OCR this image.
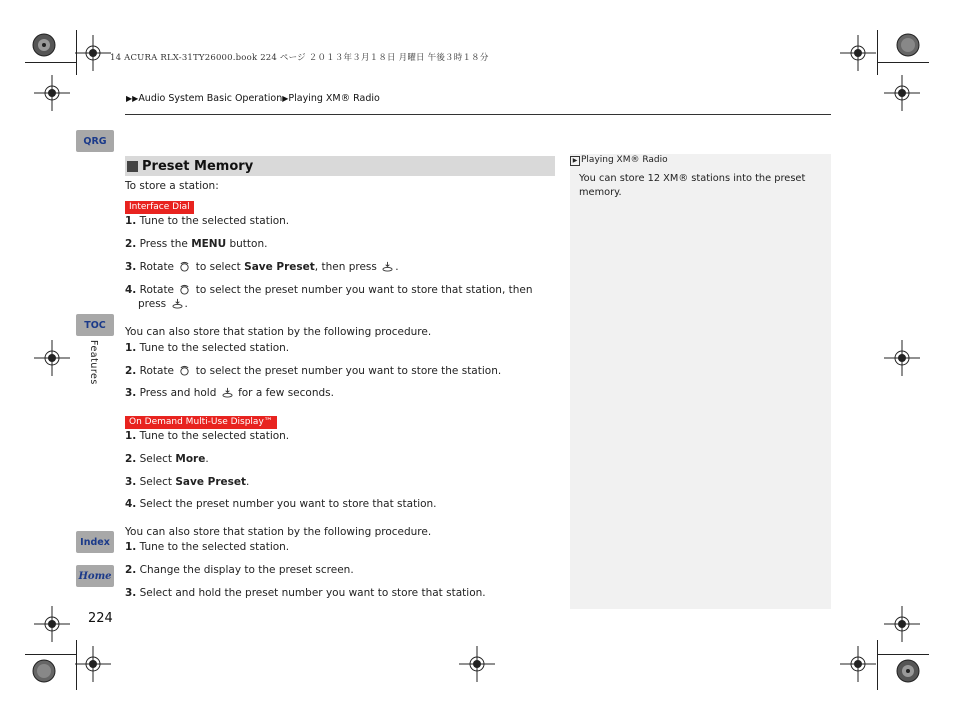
14 ACURA RLX-31TY26000.book 224 ページ ２０１３年３月１８日 月曜日 午後３時１８分
▶▶Audio System Basic Operation▶Playing XM® Radio
QRG
TOC
Features
Index
Home
224
Preset Memory
To store a station:
Interface Dial
1. Tune to the selected station.
2. Press the MENU button.
3. Rotate to select Save Preset, then press .
4. Rotate to select the preset number you want to store that station, then
press .
You can also store that station by the following procedure.
1. Tune to the selected station.
2. Rotate to select the preset number you want to store the station.
3. Press and hold for a few seconds.
On Demand Multi-Use Display™
1. Tune to the selected station.
2. Select More.
3. Select Save Preset.
4. Select the preset number you want to store that station.
You can also store that station by the following procedure.
1. Tune to the selected station.
2. Change the display to the preset screen.
3. Select and hold the preset number you want to store that station.
▶ Playing XM® Radio
You can store 12 XM® stations into the preset memory.
